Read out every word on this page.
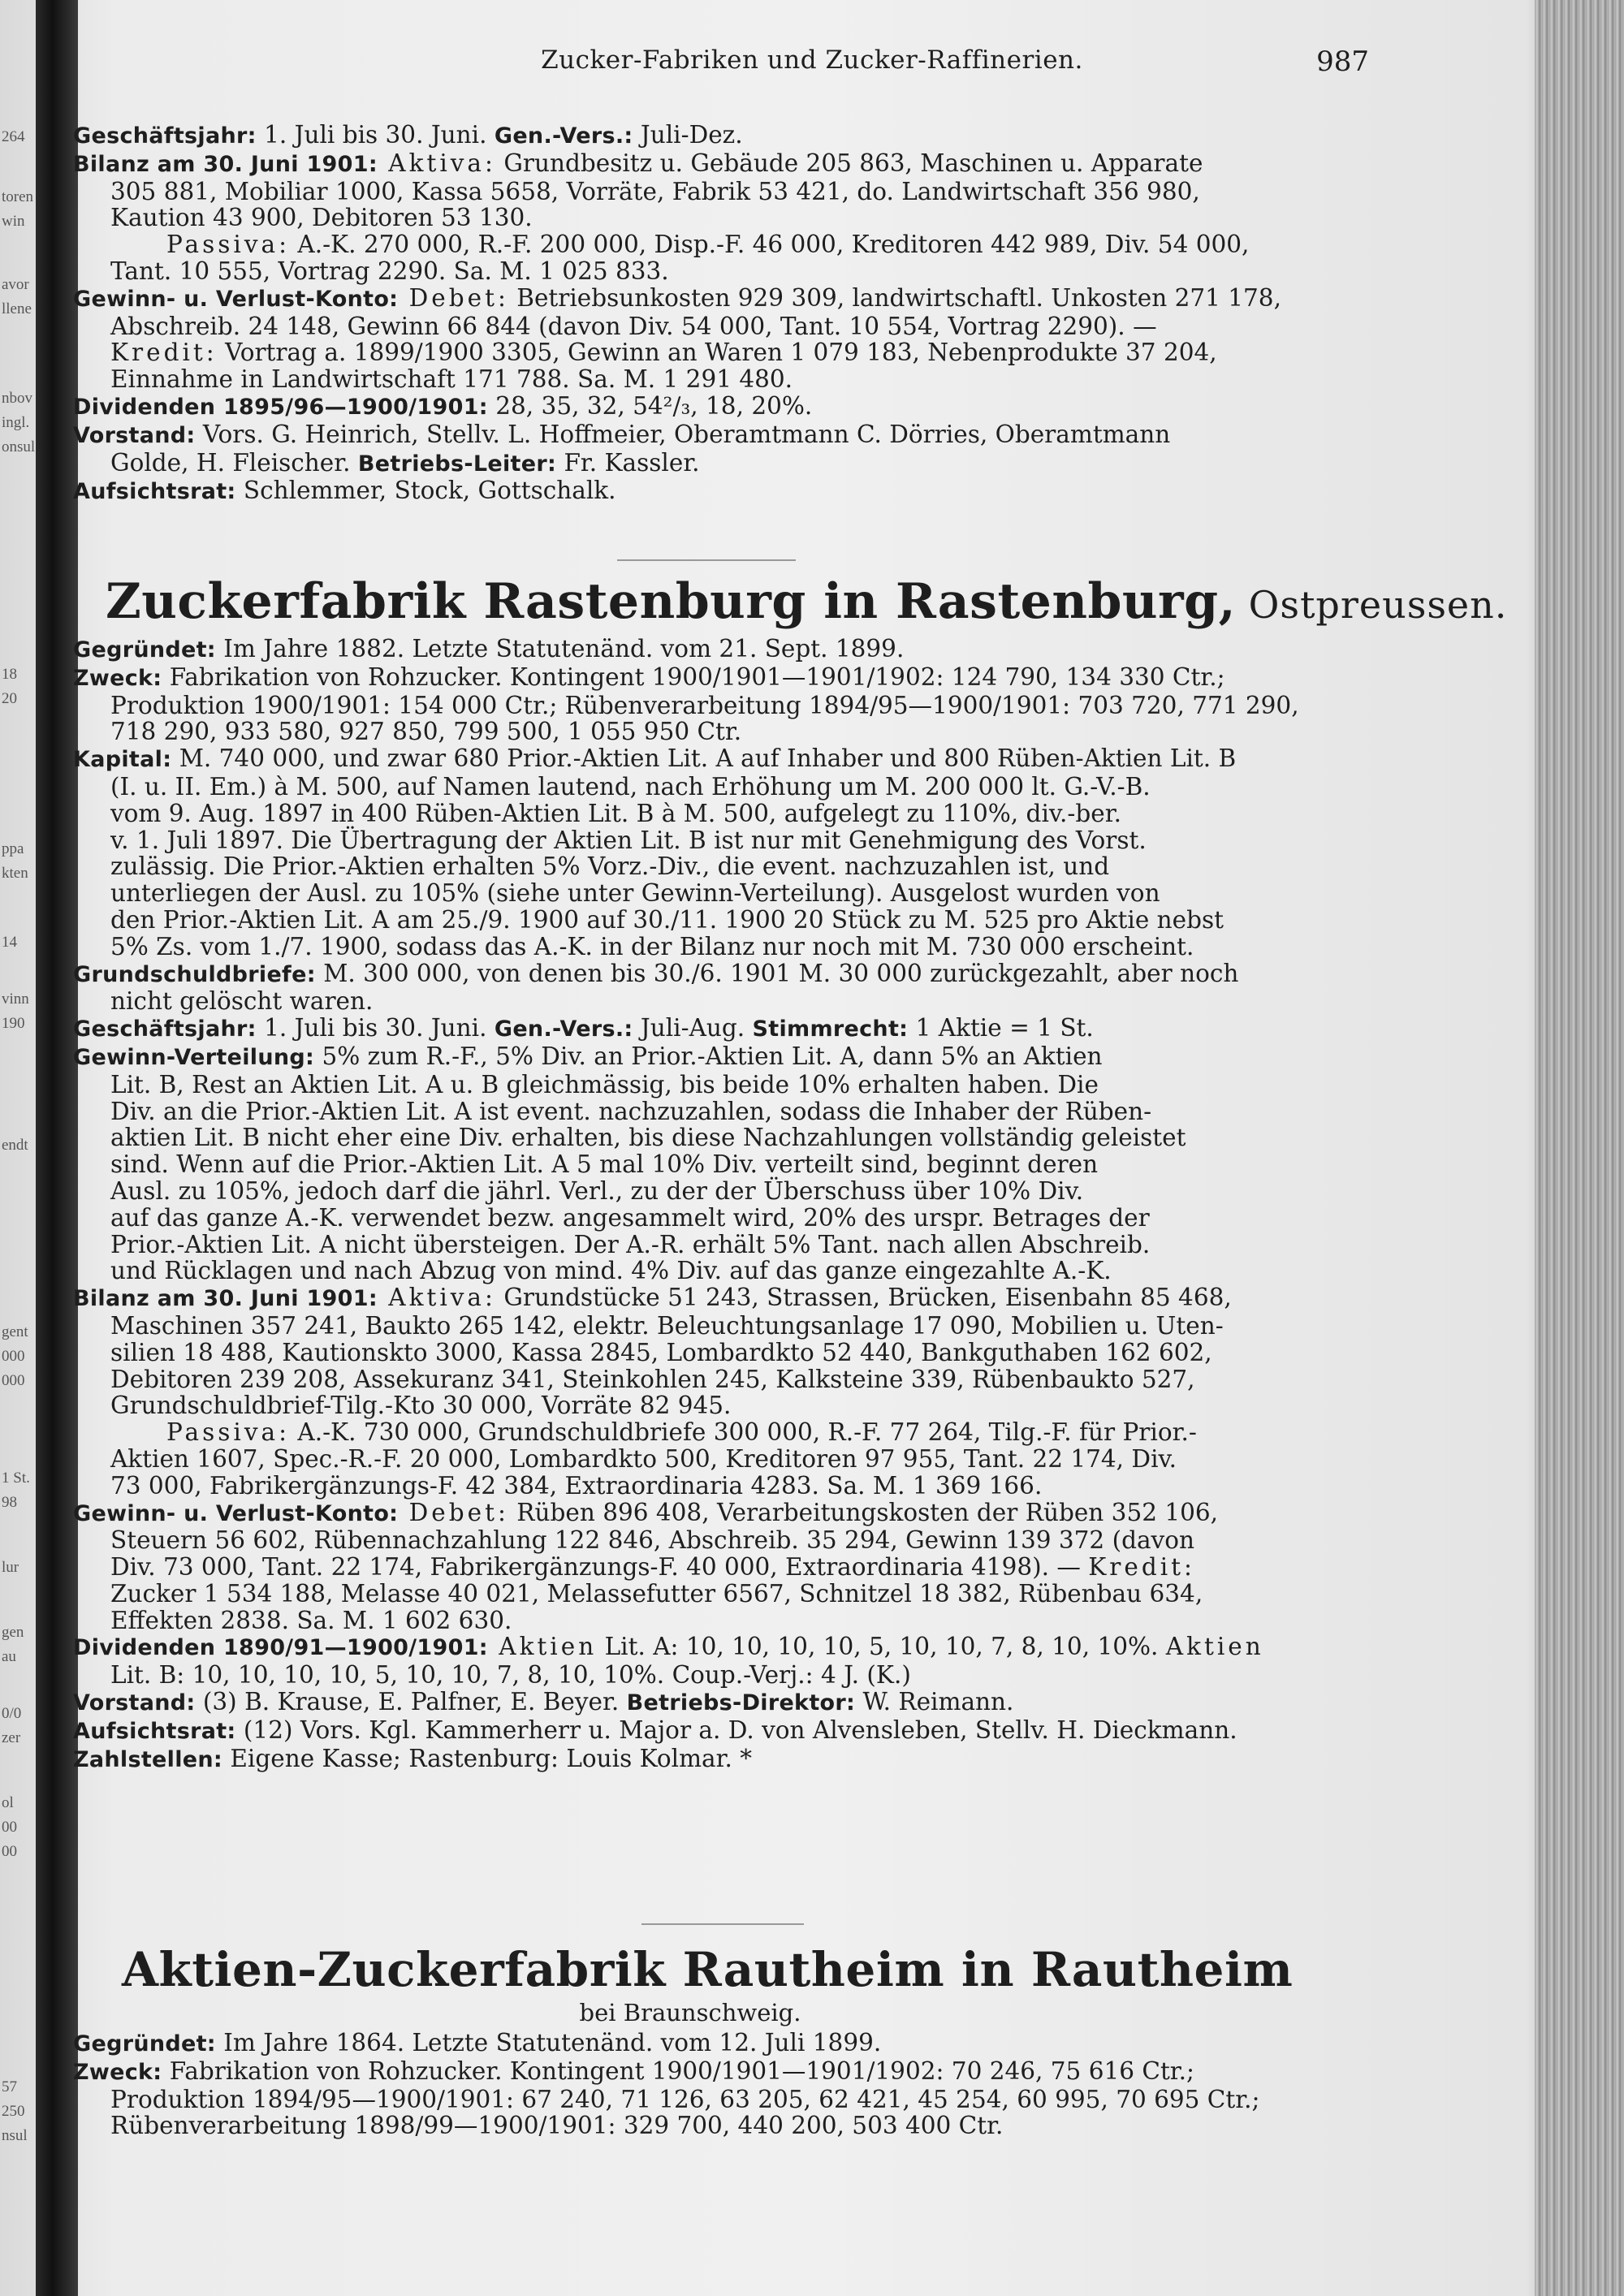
264
toren
win
avor
llene
nbov
ingl.
onsul
18
20
ppa
kten
14
vinn
190
endt
gent
000
000
1 St.
98
lur
gen
au
0/0
zer
ol
00
00
57
250
nsul
Zucker-Fabriken und Zucker-Raffinerien.	987
Geschäftsjahr: 1. Juli bis 30. Juni. Gen.-Vers.: Juli-Dez.
Bilanz am 30. Juni 1901: Aktiva: Grundbesitz u. Gebäude 205 863, Maschinen u. Apparate
305 881, Mobiliar 1000, Kassa 5658, Vorräte, Fabrik 53 421, do. Landwirtschaft 356 980,
Kaution 43 900, Debitoren 53 130.
Passiva: A.-K. 270 000, R.-F. 200 000, Disp.-F. 46 000, Kreditoren 442 989, Div. 54 000,
Tant. 10 555, Vortrag 2290. Sa. M. 1 025 833.
Gewinn- u. Verlust-Konto: Debet: Betriebsunkosten 929 309, landwirtschaftl. Unkosten 271 178,
Abschreib. 24 148, Gewinn 66 844 (davon Div. 54 000, Tant. 10 554, Vortrag 2290). —
Kredit: Vortrag a. 1899/1900 3305, Gewinn an Waren 1 079 183, Nebenprodukte 37 204,
Einnahme in Landwirtschaft 171 788. Sa. M. 1 291 480.
Dividenden 1895/96—1900/1901: 28, 35, 32, 54²/₃, 18, 20%.
Vorstand: Vors. G. Heinrich, Stellv. L. Hoffmeier, Oberamtmann C. Dörries, Oberamtmann
Golde, H. Fleischer. Betriebs-Leiter: Fr. Kassler.
Aufsichtsrat: Schlemmer, Stock, Gottschalk.
Zuckerfabrik Rastenburg in Rastenburg, Ostpreussen.
Gegründet: Im Jahre 1882. Letzte Statutenänd. vom 21. Sept. 1899.
Zweck: Fabrikation von Rohzucker. Kontingent 1900/1901—1901/1902: 124 790, 134 330 Ctr.;
Produktion 1900/1901: 154 000 Ctr.; Rübenverarbeitung 1894/95—1900/1901: 703 720, 771 290,
718 290, 933 580, 927 850, 799 500, 1 055 950 Ctr.
Kapital: M. 740 000, und zwar 680 Prior.-Aktien Lit. A auf Inhaber und 800 Rüben-Aktien Lit. B
(I. u. II. Em.) à M. 500, auf Namen lautend, nach Erhöhung um M. 200 000 lt. G.-V.-B.
vom 9. Aug. 1897 in 400 Rüben-Aktien Lit. B à M. 500, aufgelegt zu 110%, div.-ber.
v. 1. Juli 1897. Die Übertragung der Aktien Lit. B ist nur mit Genehmigung des Vorst.
zulässig. Die Prior.-Aktien erhalten 5% Vorz.-Div., die event. nachzuzahlen ist, und
unterliegen der Ausl. zu 105% (siehe unter Gewinn-Verteilung). Ausgelost wurden von
den Prior.-Aktien Lit. A am 25./9. 1900 auf 30./11. 1900 20 Stück zu M. 525 pro Aktie nebst
5% Zs. vom 1./7. 1900, sodass das A.-K. in der Bilanz nur noch mit M. 730 000 erscheint.
Grundschuldbriefe: M. 300 000, von denen bis 30./6. 1901 M. 30 000 zurückgezahlt, aber noch
nicht gelöscht waren.
Geschäftsjahr: 1. Juli bis 30. Juni. Gen.-Vers.: Juli-Aug. Stimmrecht: 1 Aktie = 1 St.
Gewinn-Verteilung: 5% zum R.-F., 5% Div. an Prior.-Aktien Lit. A, dann 5% an Aktien
Lit. B, Rest an Aktien Lit. A u. B gleichmässig, bis beide 10% erhalten haben. Die
Div. an die Prior.-Aktien Lit. A ist event. nachzuzahlen, sodass die Inhaber der Rüben-
aktien Lit. B nicht eher eine Div. erhalten, bis diese Nachzahlungen vollständig geleistet
sind. Wenn auf die Prior.-Aktien Lit. A 5 mal 10% Div. verteilt sind, beginnt deren
Ausl. zu 105%, jedoch darf die jährl. Verl., zu der der Überschuss über 10% Div.
auf das ganze A.-K. verwendet bezw. angesammelt wird, 20% des urspr. Betrages der
Prior.-Aktien Lit. A nicht übersteigen. Der A.-R. erhält 5% Tant. nach allen Abschreib.
und Rücklagen und nach Abzug von mind. 4% Div. auf das ganze eingezahlte A.-K.
Bilanz am 30. Juni 1901: Aktiva: Grundstücke 51 243, Strassen, Brücken, Eisenbahn 85 468,
Maschinen 357 241, Baukto 265 142, elektr. Beleuchtungsanlage 17 090, Mobilien u. Uten-
silien 18 488, Kautionskto 3000, Kassa 2845, Lombardkto 52 440, Bankguthaben 162 602,
Debitoren 239 208, Assekuranz 341, Steinkohlen 245, Kalksteine 339, Rübenbaukto 527,
Grundschuldbrief-Tilg.-Kto 30 000, Vorräte 82 945.
Passiva: A.-K. 730 000, Grundschuldbriefe 300 000, R.-F. 77 264, Tilg.-F. für Prior.-
Aktien 1607, Spec.-R.-F. 20 000, Lombardkto 500, Kreditoren 97 955, Tant. 22 174, Div.
73 000, Fabrikergänzungs-F. 42 384, Extraordinaria 4283. Sa. M. 1 369 166.
Gewinn- u. Verlust-Konto: Debet: Rüben 896 408, Verarbeitungskosten der Rüben 352 106,
Steuern 56 602, Rübennachzahlung 122 846, Abschreib. 35 294, Gewinn 139 372 (davon
Div. 73 000, Tant. 22 174, Fabrikergänzungs-F. 40 000, Extraordinaria 4198). — Kredit:
Zucker 1 534 188, Melasse 40 021, Melassefutter 6567, Schnitzel 18 382, Rübenbau 634,
Effekten 2838. Sa. M. 1 602 630.
Dividenden 1890/91—1900/1901: Aktien Lit. A: 10, 10, 10, 10, 5, 10, 10, 7, 8, 10, 10%. Aktien
Lit. B: 10, 10, 10, 10, 5, 10, 10, 7, 8, 10, 10%. Coup.-Verj.: 4 J. (K.)
Vorstand: (3) B. Krause, E. Palfner, E. Beyer. Betriebs-Direktor: W. Reimann.
Aufsichtsrat: (12) Vors. Kgl. Kammerherr u. Major a. D. von Alvensleben, Stellv. H. Dieckmann.
Zahlstellen: Eigene Kasse; Rastenburg: Louis Kolmar. *
Aktien-Zuckerfabrik Rautheim in Rautheim
bei Braunschweig.
Gegründet: Im Jahre 1864. Letzte Statutenänd. vom 12. Juli 1899.
Zweck: Fabrikation von Rohzucker. Kontingent 1900/1901—1901/1902: 70 246, 75 616 Ctr.;
Produktion 1894/95—1900/1901: 67 240, 71 126, 63 205, 62 421, 45 254, 60 995, 70 695 Ctr.;
Rübenverarbeitung 1898/99—1900/1901: 329 700, 440 200, 503 400 Ctr.
